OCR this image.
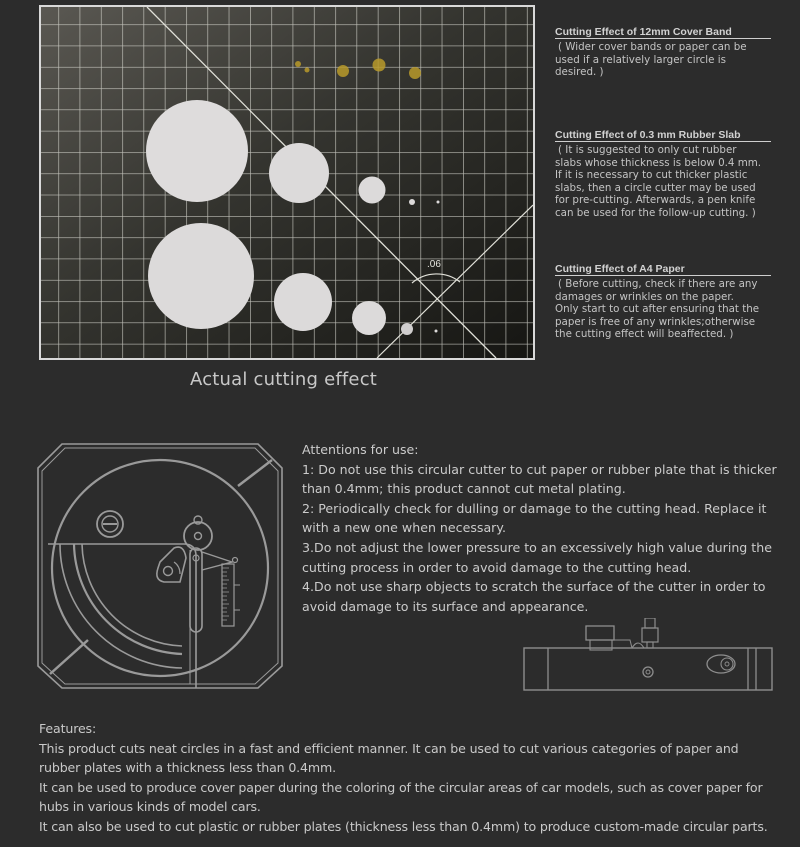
.06
Actual cutting effect
Cutting Effect of 12mm Cover Band
( Wider cover bands or paper can be
used if a relatively larger circle is
desired. )
Cutting Effect of 0.3 mm Rubber Slab
( It is suggested to only cut rubber
slabs whose thickness is below 0.4 mm.
If it is necessary to cut thicker plastic
slabs, then a circle cutter may be used
for pre-cutting. Afterwards, a pen knife
can be used for the follow-up cutting. )
Cutting Effect of A4 Paper
( Before cutting, check if there are any
damages or wrinkles on the paper.
Only start to cut after ensuring that the
paper is free of any wrinkles;otherwise
the cutting effect will beaffected. )

Attentions for use:

1: Do not use this circular cutter to cut paper or rubber plate that is thicker

than 0.4mm; this product cannot cut metal plating.

2: Periodically check for dulling or damage to the cutting head. Replace it

with a new one when necessary.

3.Do not adjust the lower pressure to an excessively high value during the

cutting process in order to avoid damage to the cutting head.

4.Do not use sharp objects to scratch the surface of the cutter in order to

avoid damage to its surface and appearance.

Features:

This product cuts neat circles in a fast and efficient manner. It can be used to cut various categories of paper and

rubber plates with a thickness less than 0.4mm.

It can be used to produce cover paper during the coloring of the circular areas of car models, such as cover paper for

hubs in various kinds of model cars.

It can also be used to cut plastic or rubber plates (thickness less than 0.4mm) to produce custom-made circular parts.
